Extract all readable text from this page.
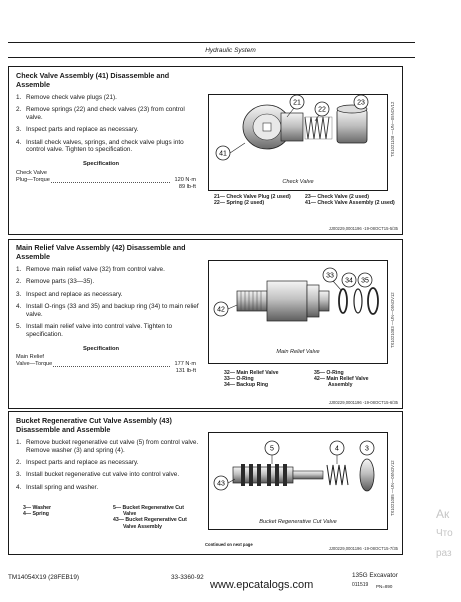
Hydraulic System
Check Valve Assembly (41) Disassemble and Assemble
1. Remove check valve plugs (21).
2. Remove springs (22) and check valves (23) from control valve.
3. Inspect parts and replace as necessary.
4. Install check valves, springs, and check valve plugs into control valve. Tighten to specification.
Specification
Check Valve
Plug—Torque	120 N·m
89 lb-ft
41
21
22
23
Check Valve
TX1021108 —UN—05NOV12
21— Check Valve Plug (2 used)
22— Spring (2 used)
23— Check Valve (2 used)
41— Check Valve Assembly (2 used)
JJ00229,0001196 -19-08OCT15-5/35
Main Relief Valve Assembly (42) Disassemble and Assemble
1. Remove main relief valve (32) from control valve.
2. Remove parts (33—35).
3. Inspect and replace as necessary.
4. Install O-rings (33 and 35) and backup ring (34) to main relief valve.
5. Install main relief valve into control valve. Tighten to specification.
Specification
Main Relief
Valve—Torque	177 N·m
131 lb-ft
42
33
34 35
Main Relief Valve
TX1021083 —UN—05NOV12
32— Main Relief Valve
33— O-Ring
34— Backup Ring
35— O-Ring
42— Main Relief Valve
Assembly
JJ00229,0001196 -19-08OCT15-6/35
Bucket Regenerative Cut Valve Assembly (43) Disassemble and Assemble
1. Remove bucket regenerative cut valve (5) from control valve. Remove washer (3) and spring (4).
2. Inspect parts and replace as necessary.
3. Install bucket regenerative cut valve into control valve.
4. Install spring and washer.
3— Washer
4— Spring
5— Bucket Regenerative Cut
Valve
43— Bucket Regenerative Cut
Valve Assembly
43
5	4	3
Bucket Regenerative Cut Valve
TX1021085 —UN—05NOV12
Continued on next page
JJ00229,0001196 -19-08OCT15-7/35
TM14054X19 (28FEB19)	33-3360-92	135G Excavator
011519 PN=890
www.epcatalogs.com
Ак
Что
раз
